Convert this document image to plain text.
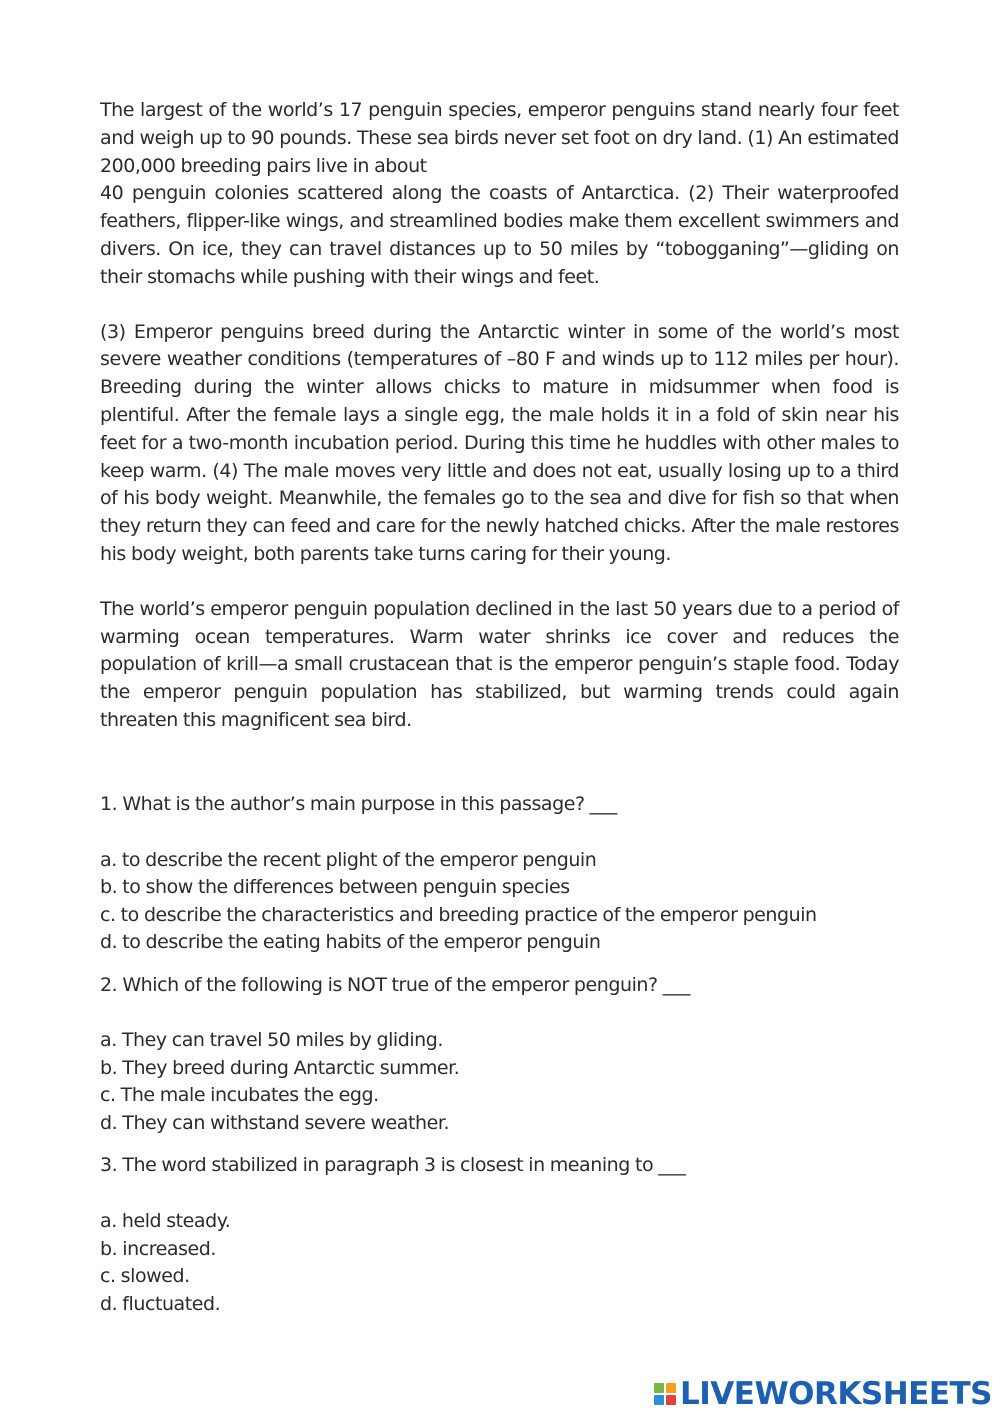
The largest of the world’s 17 penguin species, emperor penguins stand nearly four feet and weigh up to 90 pounds. These sea birds never set foot on dry land. (1) An estimated 200,000 breeding pairs live in about
40 penguin colonies scattered along the coasts of Antarctica. (2) Their waterproofed feathers, flipper-like wings, and streamlined bodies make them excellent swimmers and divers. On ice, they can travel distances up to 50 miles by “tobogganing”—gliding on their stomachs while pushing with their wings and feet.

(3) Emperor penguins breed during the Antarctic winter in some of the world’s most severe weather conditions (temperatures of –80 F and winds up to 112 miles per hour). Breeding during the winter allows chicks to mature in midsummer when food is plentiful. After the female lays a single egg, the male holds it in a fold of skin near his feet for a two-month incubation period. During this time he huddles with other males to keep warm. (4) The male moves very little and does not eat, usually losing up to a third of his body weight. Meanwhile, the females go to the sea and dive for fish so that when they return they can feed and care for the newly hatched chicks. After the male restores his body weight, both parents take turns caring for their young.

The world’s emperor penguin population declined in the last 50 years due to a period of warming ocean temperatures. Warm water shrinks ice cover and reduces the population of krill—a small crustacean that is the emperor penguin’s staple food. Today the emperor penguin population has stabilized, but warming trends could again threaten this magnificent sea bird.

1. What is the author’s main purpose in this passage? ___

a. to describe the recent plight of the emperor penguin
b. to show the differences between penguin species
c. to describe the characteristics and breeding practice of the emperor penguin
d. to describe the eating habits of the emperor penguin

2. Which of the following is NOT true of the emperor penguin? ___

a. They can travel 50 miles by gliding.
b. They breed during Antarctic summer.
c. The male incubates the egg.
d. They can withstand severe weather.

3. The word stabilized in paragraph 3 is closest in meaning to ___

a. held steady.
b. increased.
c. slowed.
d. fluctuated.
LIVEWORKSHEETS
